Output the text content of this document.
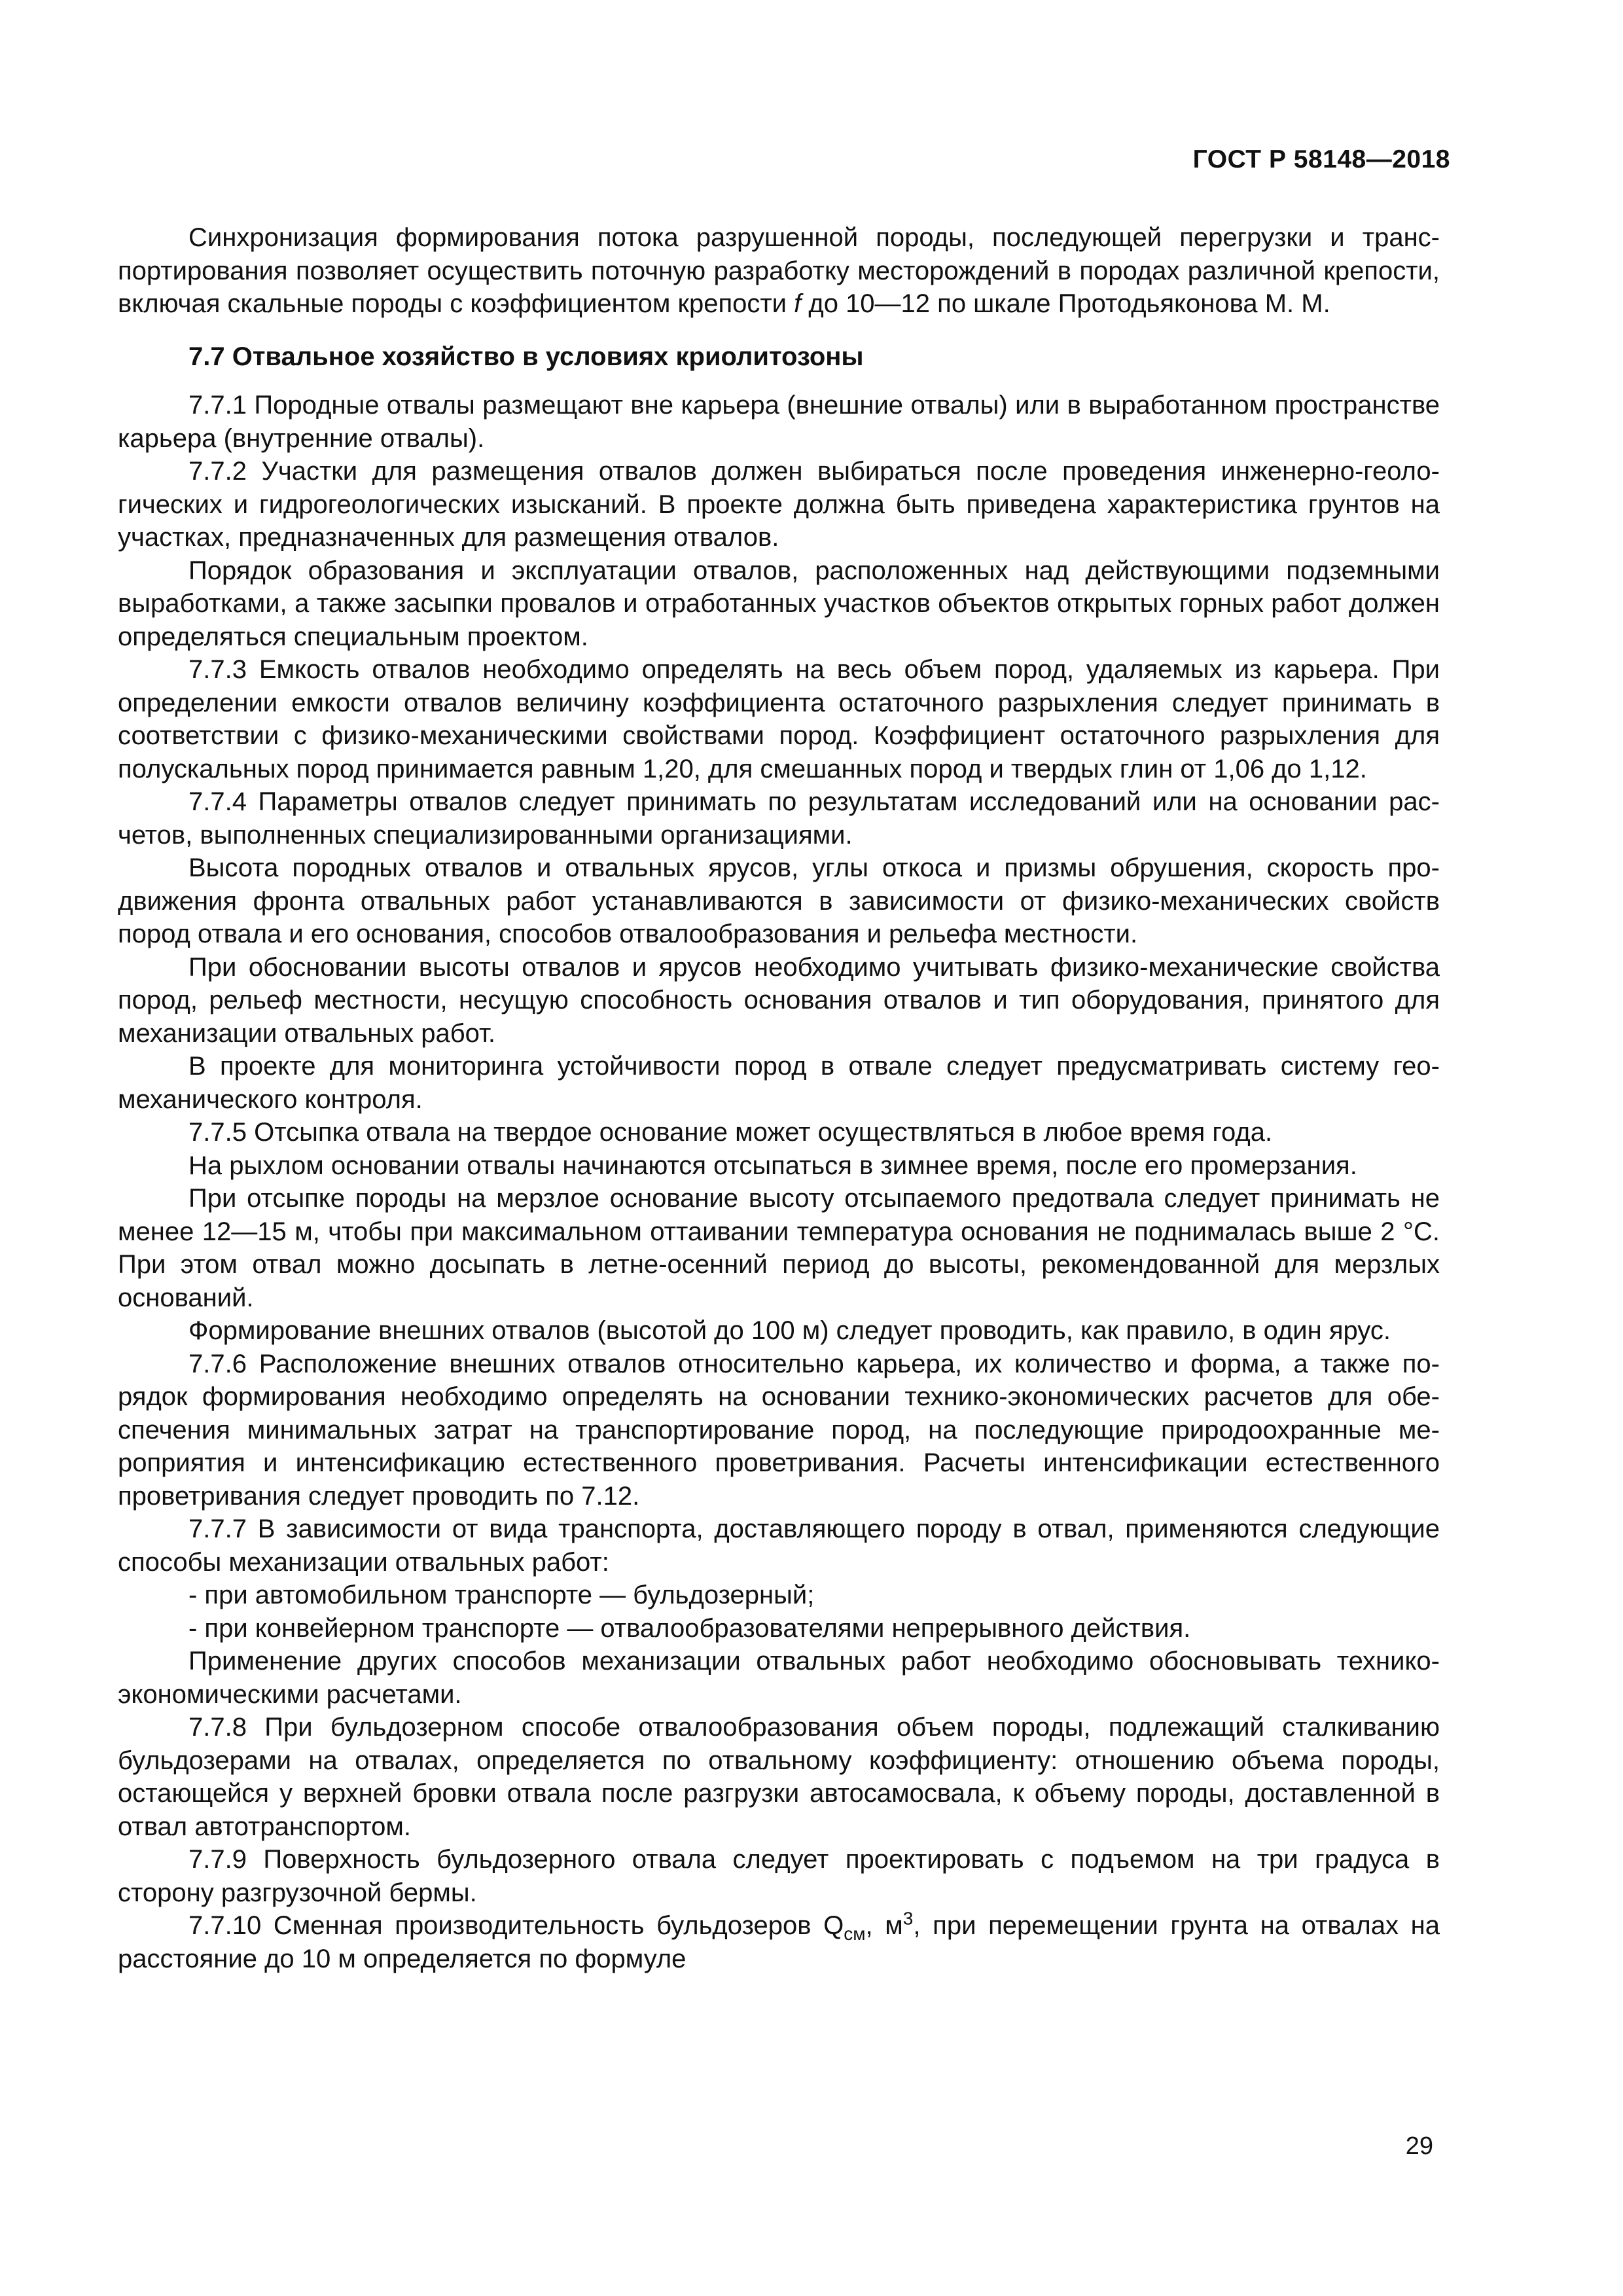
ГОСТ Р 58148—2018

Синхронизация формирования потока разрушенной породы, последующей перегрузки и транспортирования позволяет осуществить поточную разработку месторождений в породах различной крепости, включая скальные породы с коэффициентом крепости f до 10—12 по шкале Протодьяконова М. М.

7.7 Отвальное хозяйство в условиях криолитозоны

7.7.1 Породные отвалы размещают вне карьера (внешние отвалы) или в выработанном пространстве карьера (внутренние отвалы).

7.7.2 Участки для размещения отвалов должен выбираться после проведения инженерно-геологических и гидрогеологических изысканий. В проекте должна быть приведена характеристика грунтов на участках, предназначенных для размещения отвалов.

Порядок образования и эксплуатации отвалов, расположенных над действующими подземными выработками, а также засыпки провалов и отработанных участков объектов открытых горных работ должен определяться специальным проектом.

7.7.3 Емкость отвалов необходимо определять на весь объем пород, удаляемых из карьера. При определении емкости отвалов величину коэффициента остаточного разрыхления следует принимать в соответствии с физико-механическими свойствами пород. Коэффициент остаточного разрыхления для полускальных пород принимается равным 1,20, для смешанных пород и твердых глин от 1,06 до 1,12.

7.7.4 Параметры отвалов следует принимать по результатам исследований или на основании расчетов, выполненных специализированными организациями.

Высота породных отвалов и отвальных ярусов, углы откоса и призмы обрушения, скорость продвижения фронта отвальных работ устанавливаются в зависимости от физико-механических свойств пород отвала и его основания, способов отвалообразования и рельефа местности.

При обосновании высоты отвалов и ярусов необходимо учитывать физико-механические свойства пород, рельеф местности, несущую способность основания отвалов и тип оборудования, принятого для механизации отвальных работ.

В проекте для мониторинга устойчивости пород в отвале следует предусматривать систему геомеханического контроля.

7.7.5 Отсыпка отвала на твердое основание может осуществляться в любое время года.

На рыхлом основании отвалы начинаются отсыпаться в зимнее время, после его промерзания.

При отсыпке породы на мерзлое основание высоту отсыпаемого предотвала следует принимать не менее 12—15 м, чтобы при максимальном оттаивании температура основания не поднималась выше 2 °С. При этом отвал можно досыпать в летне-осенний период до высоты, рекомендованной для мерзлых оснований.

Формирование внешних отвалов (высотой до 100 м) следует проводить, как правило, в один ярус.

7.7.6 Расположение внешних отвалов относительно карьера, их количество и форма, а также порядок формирования необходимо определять на основании технико-экономических расчетов для обеспечения минимальных затрат на транспортирование пород, на последующие природоохранные мероприятия и интенсификацию естественного проветривания. Расчеты интенсификации естественного проветривания следует проводить по 7.12.

7.7.7 В зависимости от вида транспорта, доставляющего породу в отвал, применяются следующие способы механизации отвальных работ:

- при автомобильном транспорте — бульдозерный;

- при конвейерном транспорте — отвалообразователями непрерывного действия.

Применение других способов механизации отвальных работ необходимо обосновывать технико-экономическими расчетами.

7.7.8 При бульдозерном способе отвалообразования объем породы, подлежащий сталкиванию бульдозерами на отвалах, определяется по отвальному коэффициенту: отношению объема породы, остающейся у верхней бровки отвала после разгрузки автосамосвала, к объему породы, доставленной в отвал автотранспортом.

7.7.9 Поверхность бульдозерного отвала следует проектировать с подъемом на три градуса в сторону разгрузочной бермы.

7.7.10 Сменная производительность бульдозеров $Q_{см}$, $м^3$, при перемещении грунта на отвалах на расстояние до 10 м определяется по формуле

29
